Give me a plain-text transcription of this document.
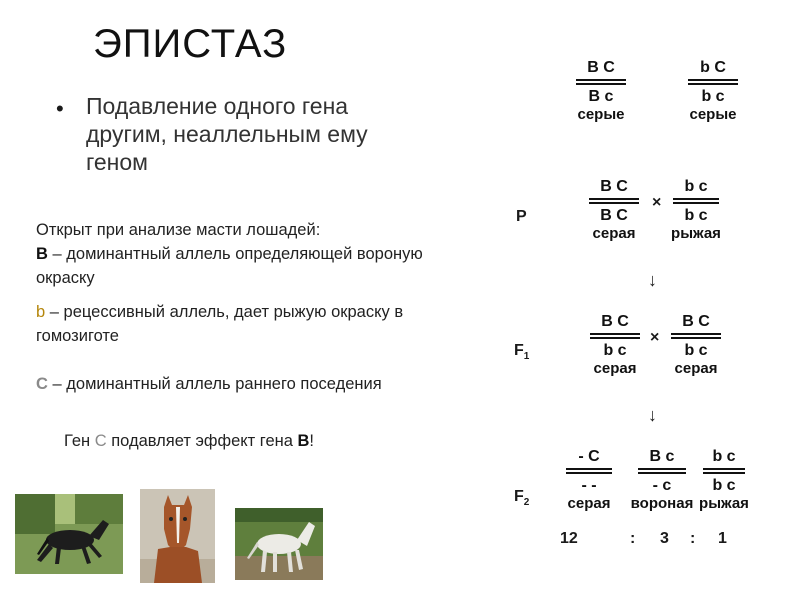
ЭПИСТАЗ
• Подавление одного гена другим, неаллельным ему геном
Открыт при анализе масти лошадей:
B – доминантный аллель определяющей вороную окраску
b – рецессивный аллель, дает рыжую окраску в гомозиготе
C – доминантный аллель раннего поседения
Ген C подавляет эффект гена B!
B C
B c
серые
b C
b c
серые
P
B C
B C
серая
×
b c
b c
рыжая
↓
$F_1$
B C
b c
серая
×
B C
b c
серая
↓
$F_2$
- C
- -
серая
B c
- c
вороная
b c
b c
рыжая
12	: 3 : 1
